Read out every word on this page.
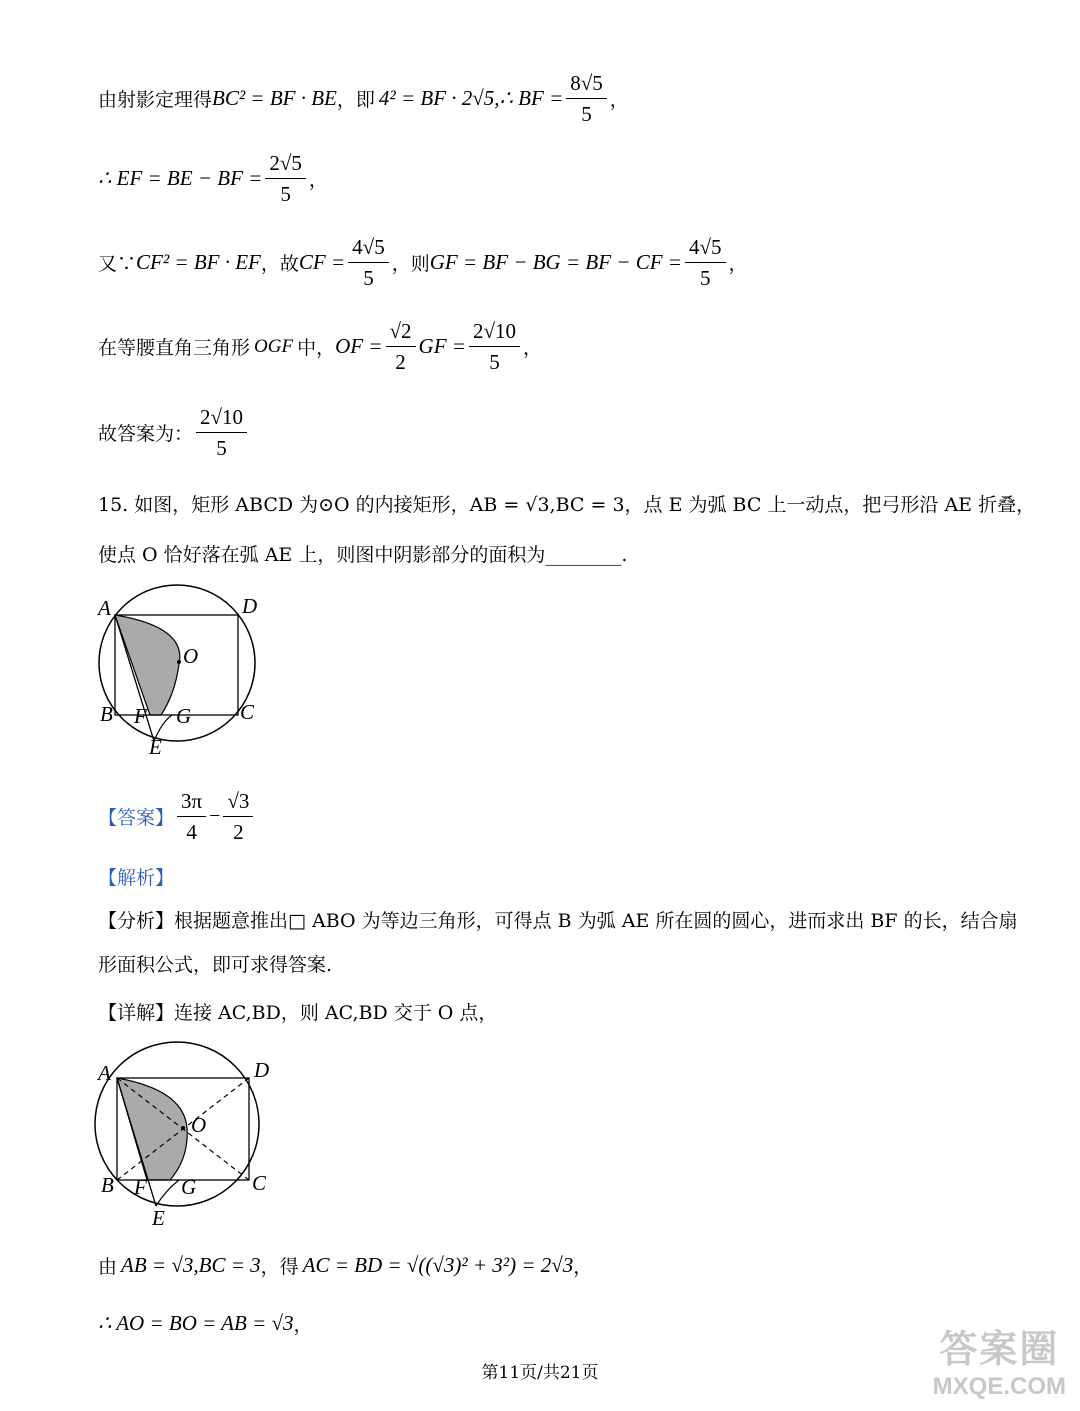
由射影定理得 BC² = BF · BE ，即 4² = BF · 2√5,∴ BF = $\frac{8√5}{5}$ ，
∴ EF = BE − BF = $\frac{2√5}{5}$ ，
又∵ CF² = BF · EF ，故 CF = $\frac{4√5}{5}$ ，则 GF = BF − BG = BF − CF = $\frac{4√5}{5}$ ，
在等腰直角三角形 OGF 中， OF = $\frac{√2}{2}$ GF = $\frac{2√10}{5}$ ，
故答案为： $\frac{2√10}{5}$
15. 如图，矩形 ABCD 为⊙O 的内接矩形，AB = √3,BC = 3，点 E 为弧 BC 上一动点，把弓形沿 AE 折叠，
使点 O 恰好落在弧 AE 上，则图中阴影部分的面积为________.
A	D
O
B F G C
E
【答案】 $\frac{3\pi}{4} - \frac{√3}{2}$
【解析】
【分析】根据题意推出□ ABO 为等边三角形，可得点 B 为弧 AE 所在圆的圆心，进而求出 BF 的长，结合扇
形面积公式，即可求得答案.
【详解】连接 AC,BD，则 AC,BD 交于 O 点，
A	D
O
B F G	C
E
由 AB = √3,BC = 3 ，得 AC = BD = √((√3)² + 3²) = 2√3 ，
∴ AO = BO = AB = √3 ，
第11页/共21页
答案圈
MXQE.COM
